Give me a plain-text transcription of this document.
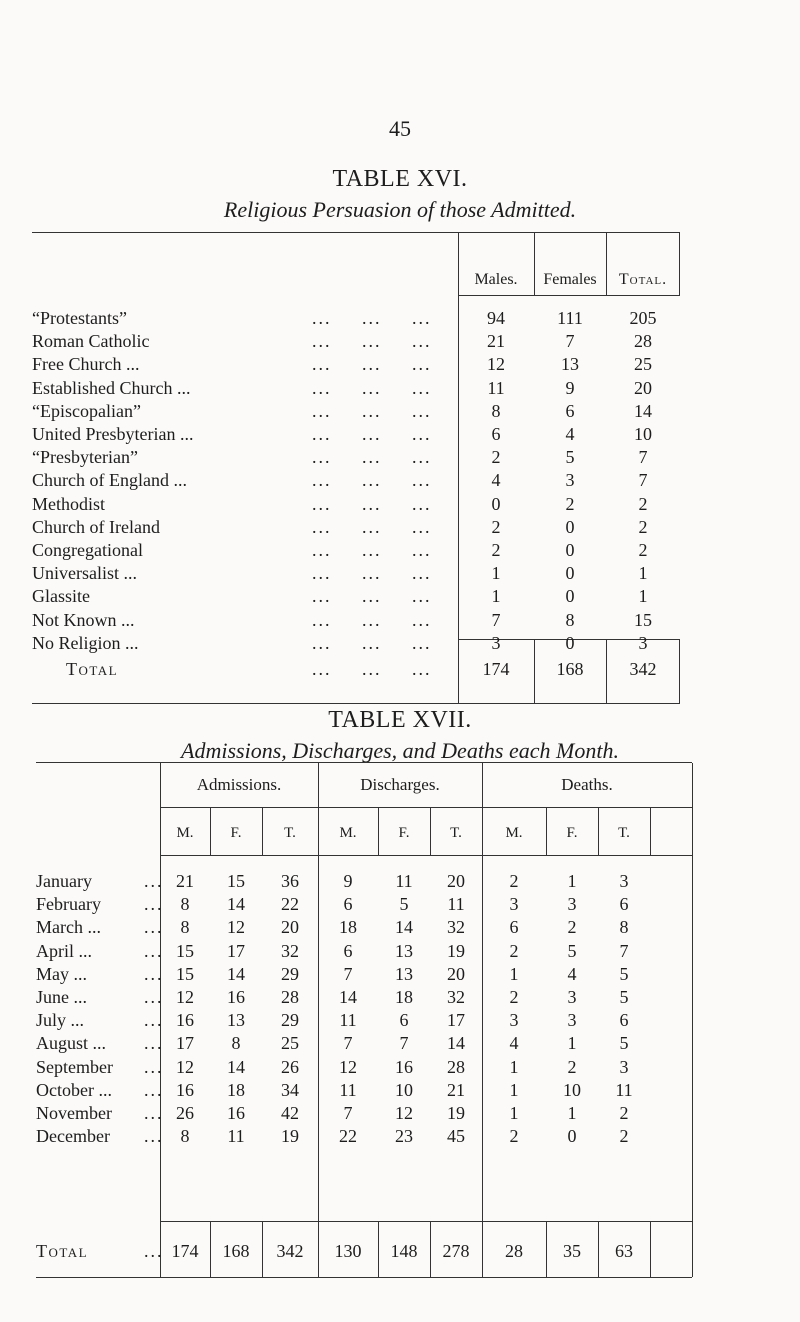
45
TABLE XVI.
Religious Persuasion of those Admitted.
Males.	Females	Total.
“Protestants”	...	...	...	94	111	205
Roman Catholic	...	...	...	21	7	28
Free Church ...	...	...	...	12	13	25
Established Church ...	...	...	...	11	9	20
“Episcopalian”	...	...	...	8	6	14
United Presbyterian ...	...	...	...	6	4	10
“Presbyterian”	...	...	...	2	5	7
Church of England ...	...	...	...	4	3	7
Methodist	...	...	...	0	2	2
Church of Ireland	...	...	...	2	0	2
Congregational	...	...	...	2	0	2
Universalist ...	...	...	...	1	0	1
Glassite	...	...	...	1	0	1
Not Known ...	...	...	...	7	8	15
No Religion ...	...	...	...	3	0	3
Total	...	...	...	174	168	342
TABLE XVII.
Admissions, Discharges, and Deaths each Month.
Admissions.	Discharges.	Deaths.
M.	F.	T.	M.	F.	T.	M.	F.	T.
January	... 21	15	36	9	11	20	2	1	3
February ... 8	14	22	6	5	11	3	3	6
March ... ... 8	12	20	18	14	32	6	2	8
April ...	... 15	17	32	6	13	19	2	5	7
May ...	... 15	14	29	7	13	20	1	4	5
June ...	... 12	16	28	14	18	32	2	3	5
July ...	... 16	13	29	11	6	17	3	3	6
August ... ... 17	8	25	7	7	14	4	1	5
September ... 12	14	26	12	16	28	1	2	3
October ... ... 16	18	34	11	10	21	1	10	11
November ... 26	16	42	7	12	19	1	1	2
December ... 8	11	19	22	23	45	2	0	2
Total	... 174	168	342	130	148	278	28	35	63
